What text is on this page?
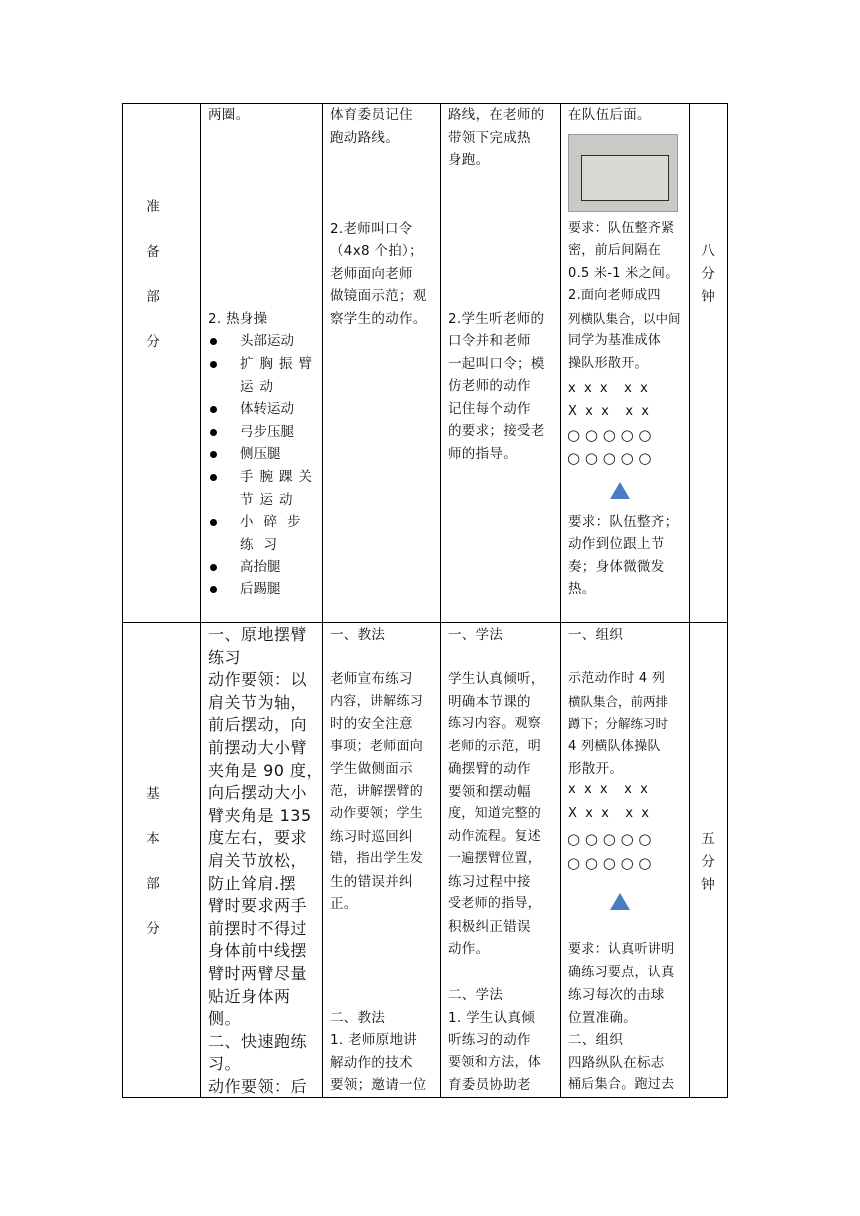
准
备
部
分
两圈。
2. 热身操
头部运动
扩胸振臂运动
体转运动
弓步压腿
侧压腿
手腕踝关节运动
小碎步练习
高抬腿
后踢腿
体育委员记住
跑动路线。
2.老师叫口令
（4x8 个拍）；
老师面向老师
做镜面示范；观
察学生的动作。
路线，在老师的
带领下完成热
身跑。
2.学生听老师的
口令并和老师
一起叫口令；模
仿老师的动作
记住每个动作
的要求；接受老
师的指导。
在队伍后面。
要求：队伍整齐紧
密，前后间隔在
0.5 米-1 米之间。
2.面向老师成四
列横队集合，以中间
同学为基准成体
操队形散开。
x  x  x    x  x
X  x  x    x  x
○ ○ ○ ○ ○
○ ○ ○ ○ ○
要求：队伍整齐；
动作到位跟上节
奏；身体微微发
热。
八
分
钟
基
本
部
分
一、原地摆臂
练习
动作要领：以
肩关节为轴，
前后摆动，向
前摆动大小臂
夹角是 90 度，
向后摆动大小
臂夹角是 135
度左右，要求
肩关节放松，
防止耸肩.摆
臂时要求两手
前摆时不得过
身体前中线摆
臂时两臂尽量
贴近身体两
侧。
二、快速跑练
习。
动作要领：后
一、教法
老师宣布练习
内容，讲解练习
时的安全注意
事项；老师面向
学生做侧面示
范，讲解摆臂的
动作要领；学生
练习时巡回纠
错，指出学生发
生的错误并纠
正。
二、教法
1. 老师原地讲
解动作的技术
要领；邀请一位
一、学法
学生认真倾听，
明确本节课的
练习内容。观察
老师的示范，明
确摆臂的动作
要领和摆动幅
度，知道完整的
动作流程。复述
一遍摆臂位置，
练习过程中接
受老师的指导，
积极纠正错误
动作。
二、学法
1. 学生认真倾
听练习的动作
要领和方法，体
育委员协助老
一、组织
示范动作时 4 列
横队集合，前两排
蹲下；分解练习时
4 列横队体操队
形散开。
x  x  x    x  x
X  x  x    x  x
○ ○ ○ ○ ○
○ ○ ○ ○ ○
要求：认真听讲明
确练习要点，认真
练习每次的击球
位置准确。
二、组织
四路纵队在标志
桶后集合。跑过去
五
分
钟
